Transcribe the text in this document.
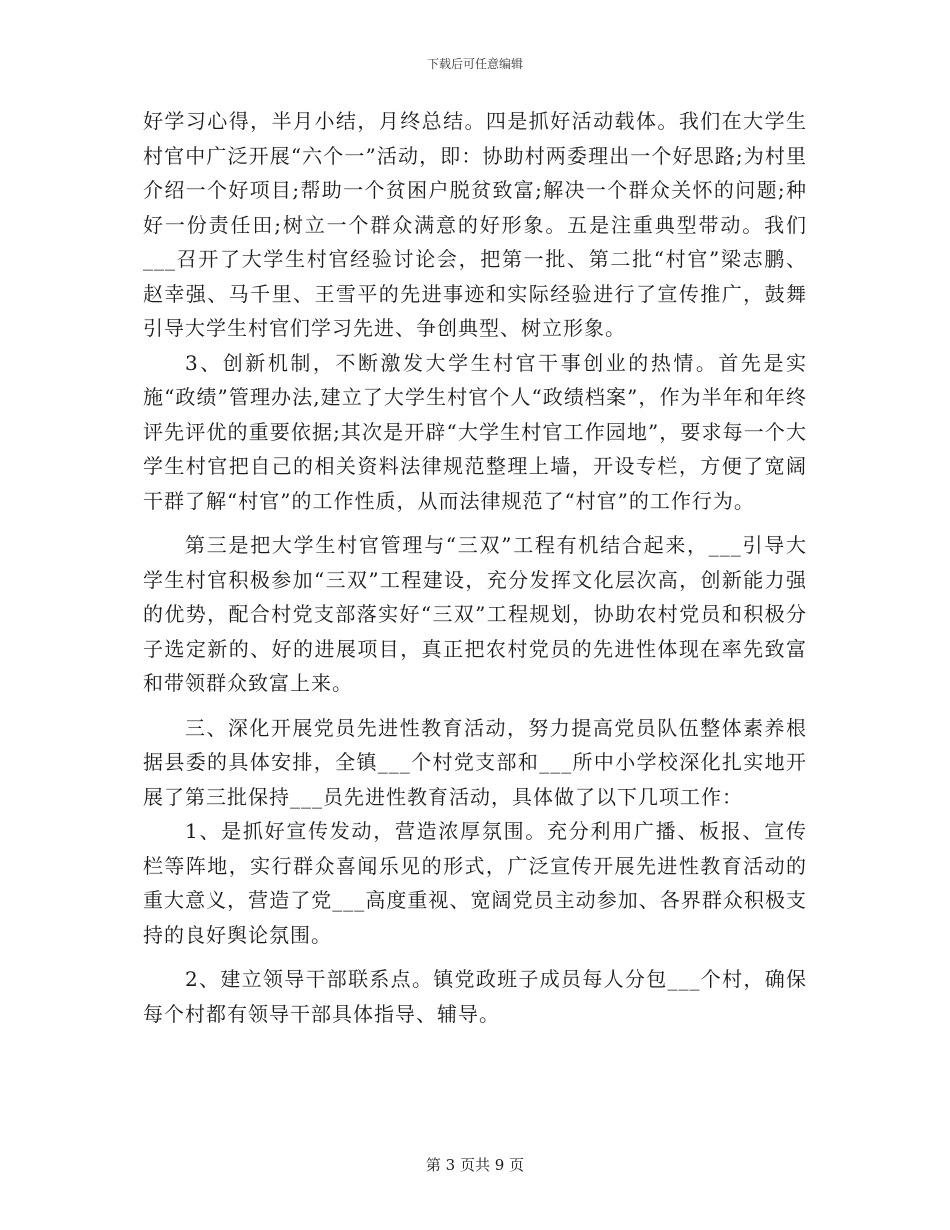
下载后可任意编辑

好学习心得，半月小结，月终总结。四是抓好活动载体。我们在大学生村官中广泛开展“六个一”活动，即：协助村两委理出一个好思路;为村里介绍一个好项目;帮助一个贫困户脱贫致富;解决一个群众关怀的问题;种好一份责任田;树立一个群众满意的好形象。五是注重典型带动。我们___召开了大学生村官经验讨论会，把第一批、第二批“村官”梁志鹏、赵幸强、马千里、王雪平的先进事迹和实际经验进行了宣传推广，鼓舞引导大学生村官们学习先进、争创典型、树立形象。

3、创新机制，不断激发大学生村官干事创业的热情。首先是实施“政绩”管理办法,建立了大学生村官个人“政绩档案”，作为半年和年终评先评优的重要依据;其次是开辟“大学生村官工作园地”，要求每一个大学生村官把自己的相关资料法律规范整理上墙，开设专栏，方便了宽阔干群了解“村官”的工作性质，从而法律规范了“村官”的工作行为。

第三是把大学生村官管理与“三双”工程有机结合起来，___引导大学生村官积极参加“三双”工程建设，充分发挥文化层次高，创新能力强的优势，配合村党支部落实好“三双”工程规划，协助农村党员和积极分子选定新的、好的进展项目，真正把农村党员的先进性体现在率先致富和带领群众致富上来。

三、深化开展党员先进性教育活动，努力提高党员队伍整体素养根据县委的具体安排，全镇___个村党支部和___所中小学校深化扎实地开展了第三批保持___员先进性教育活动，具体做了以下几项工作：

1、是抓好宣传发动，营造浓厚氛围。充分利用广播、板报、宣传栏等阵地，实行群众喜闻乐见的形式，广泛宣传开展先进性教育活动的重大意义，营造了党___高度重视、宽阔党员主动参加、各界群众积极支持的良好舆论氛围。

2、建立领导干部联系点。镇党政班子成员每人分包___个村，确保每个村都有领导干部具体指导、辅导。

第 3 页共 9 页
